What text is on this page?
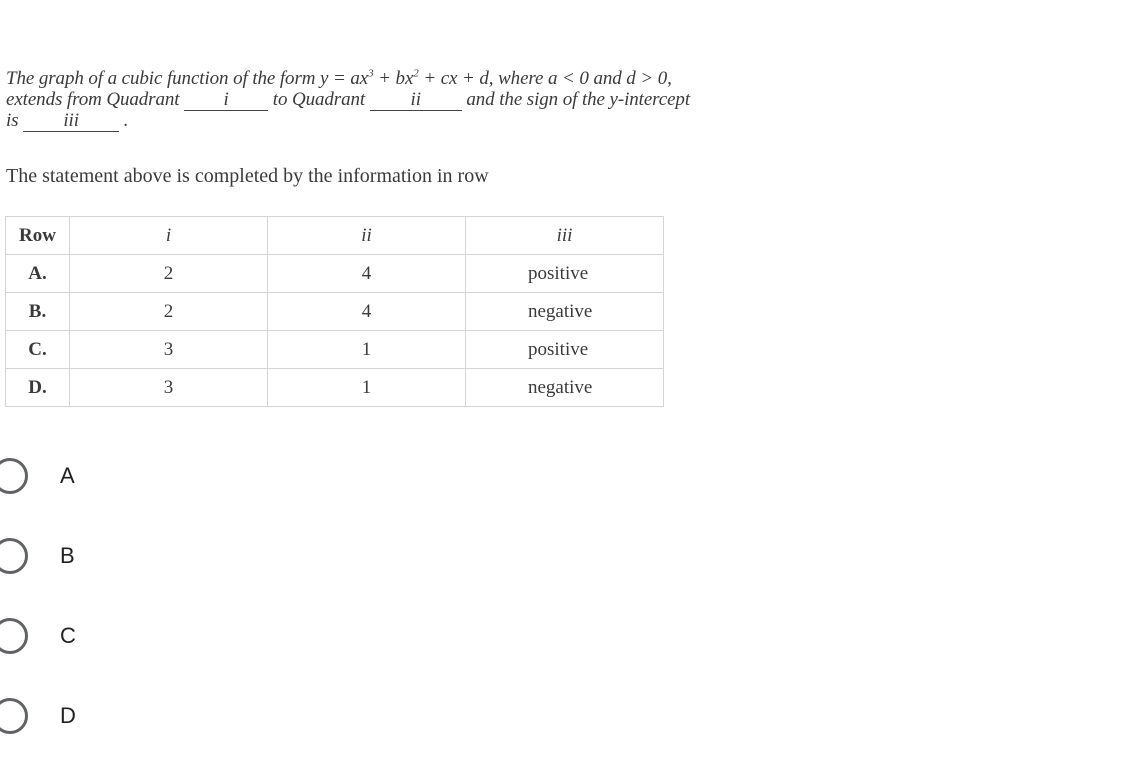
The graph of a cubic function of the form $y = ax^3 + bx^2$ + cx + d, where a < 0 and d > 0,
extends from Quadrant i to Quadrant ii and the sign of the y-intercept
is iii .
The statement above is completed by the information in row
Row	i	ii	iii
A.	2	4	positive
B.	2	4	negative
C.	3	1	positive
D.	3	1	negative
A
B
C
D
